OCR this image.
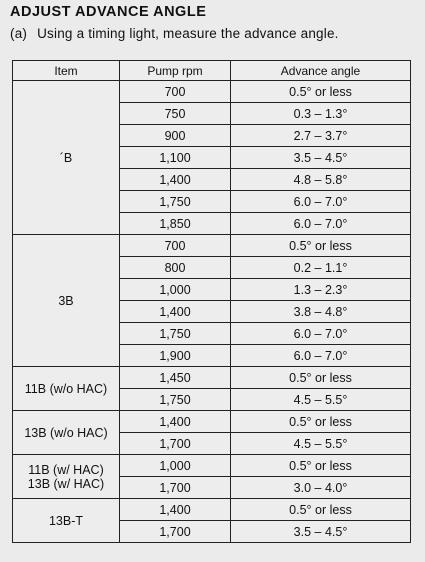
ADJUST ADVANCE ANGLE
(a) Using a timing light, measure the advance angle.
Item	Pump rpm	Advance angle

´B	700	0.5° or less
	750	0.3 – 1.3°
	900	2.7 – 3.7°
	1,100	3.5 – 4.5°
	1,400	4.8 – 5.8°
	1,750	6.0 – 7.0°
	1,850	6.0 – 7.0°

3B	700	0.5° or less
	800	0.2 – 1.1°
	1,000	1.3 – 2.3°
	1,400	3.8 – 4.8°
	1,750	6.0 – 7.0°
	1,900	6.0 – 7.0°

11B (w/o HAC)	1,450	0.5° or less
	1,750	4.5 – 5.5°

13B (w/o HAC)	1,400	0.5° or less
	1,700	4.5 – 5.5°

11B (w/ HAC)
13B (w/ HAC)	1,000	0.5° or less
	1,700	3.0 – 4.0°

13B-T	1,400	0.5° or less
	1,700	3.5 – 4.5°
